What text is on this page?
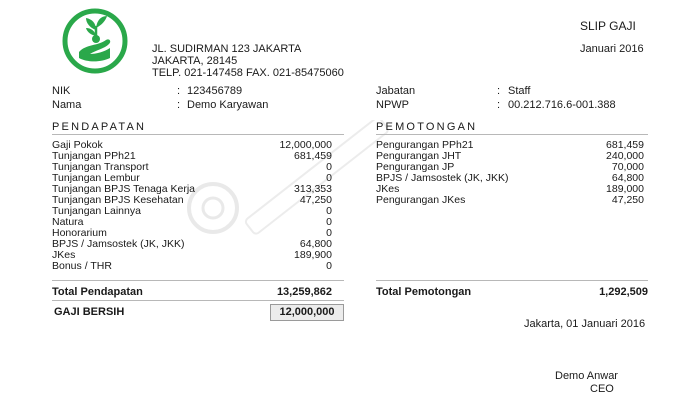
SLIP GAJI
Januari 2016
JL. SUDIRMAN 123 JAKARTA
JAKARTA, 28145
TELP. 021-147458 FAX. 021-85475060
NIK	: 123456789
Nama	: Demo Karyawan
Jabatan	: Staff
NPWP	: 00.212.716.6-001.388
PENDAPATAN	PEMOTONGAN
Gaji Pokok	12,000,000
Tunjangan PPh21	681,459
Tunjangan Transport	0
Tunjangan Lembur	0
Tunjangan BPJS Tenaga Kerja	313,353
Tunjangan BPJS Kesehatan	47,250
Tunjangan Lainnya	0
Natura	0
Honorarium	0
BPJS / Jamsostek (JK, JKK)	64,800
JKes	189,900
Bonus / THR	0
Pengurangan PPh21	681,459
Pengurangan JHT	240,000
Pengurangan JP	70,000
BPJS / Jamsostek (JK, JKK)	64,800
JKes	189,000
Pengurangan JKes	47,250
Total Pendapatan	13,259,862	Total Pemotongan	1,292,509
GAJI BERSIH	12,000,000
Jakarta, 01 Januari 2016
Demo Anwar
CEO
